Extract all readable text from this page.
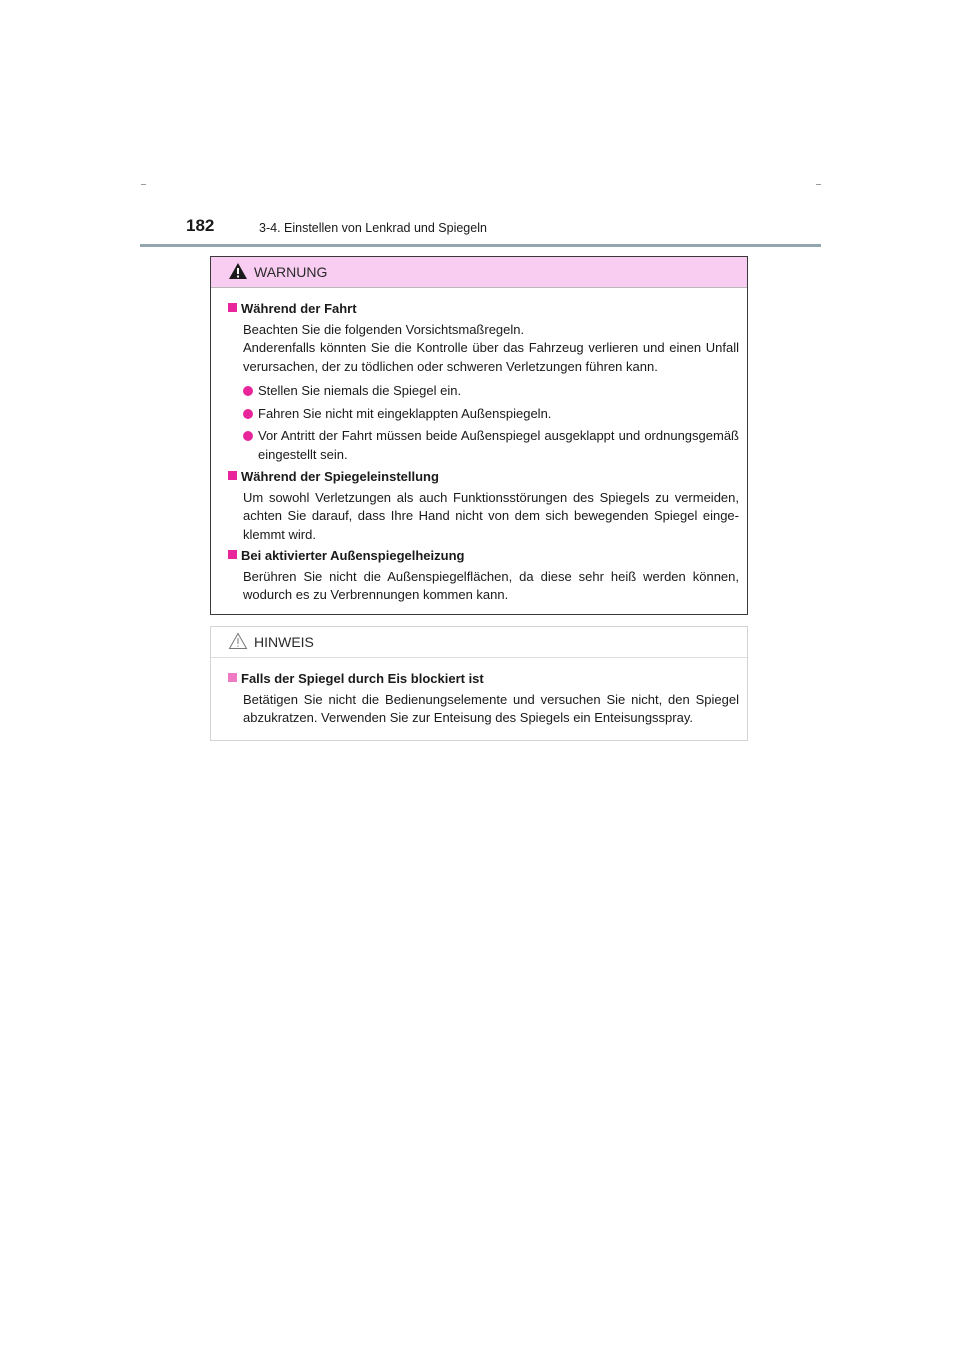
182	3-4. Einstellen von Lenkrad und Spiegeln
WARNUNG
Während der Fahrt

Beachten Sie die folgenden Vorsichtsmaßregeln.

Anderenfalls könnten Sie die Kontrolle über das Fahrzeug verlieren und einen Unfall verursachen, der zu tödlichen oder schweren Verletzungen führen kann.

Stellen Sie niemals die Spiegel ein.
Fahren Sie nicht mit eingeklappten Außenspiegeln.
Vor Antritt der Fahrt müssen beide Außenspiegel ausgeklappt und ordnungsgemäß eingestellt sein.
Während der Spiegeleinstellung

Um sowohl Verletzungen als auch Funktionsstörungen des Spiegels zu vermeiden, achten Sie darauf, dass Ihre Hand nicht von dem sich bewegenden Spiegel einge-klemmt wird.

Bei aktivierter Außenspiegelheizung

Berühren Sie nicht die Außenspiegelflächen, da diese sehr heiß werden können, wodurch es zu Verbrennungen kommen kann.

HINWEIS
Falls der Spiegel durch Eis blockiert ist

Betätigen Sie nicht die Bedienungselemente und versuchen Sie nicht, den Spiegel abzukratzen. Verwenden Sie zur Enteisung des Spiegels ein Enteisungsspray.
